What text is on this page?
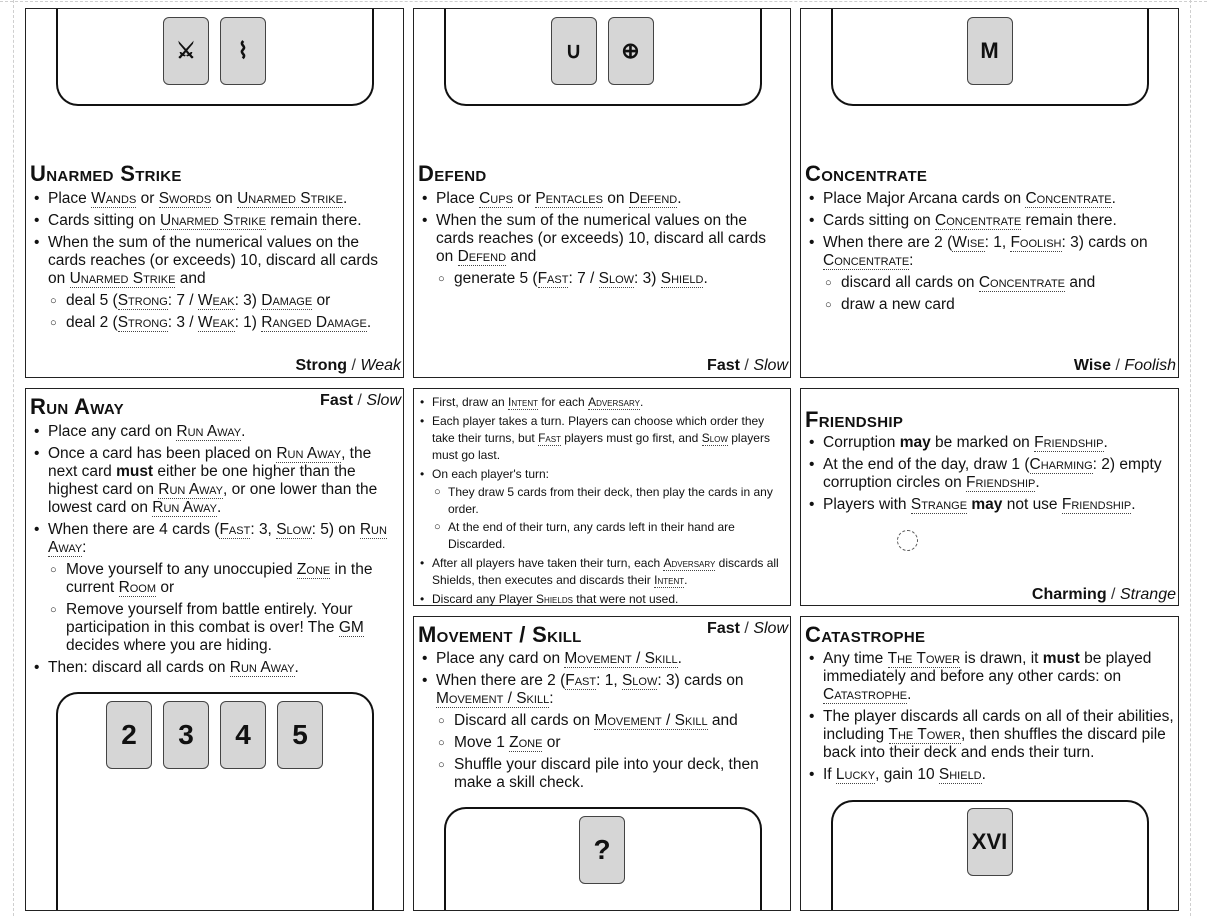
⚔	⌇
Unarmed Strike
• Place Wands or Swords on Unarmed Strike.
• Cards sitting on Unarmed Strike remain there.
• When the sum of the numerical values on the cards reaches (or exceeds) 10, discard all cards on Unarmed Strike and
○ deal 5 (Strong: 7 / Weak: 3) Damage or
○ deal 2 (Strong: 3 / Weak: 1) Ranged Damage.
Strong / Weak
∪	⊕
Defend
• Place Cups or Pentacles on Defend.
• When the sum of the numerical values on the cards reaches (or exceeds) 10, discard all cards on Defend and
○ generate 5 (Fast: 7 / Slow: 3) Shield.
Fast / Slow
M
Concentrate
• Place Major Arcana cards on Concentrate.
• Cards sitting on Concentrate remain there.
• When there are 2 (Wise: 1, Foolish: 3) cards on Concentrate:
○ discard all cards on Concentrate and
○ draw a new card
Wise / Foolish
Run Away	Fast / Slow
• Place any card on Run Away.
• Once a card has been placed on Run Away, the next card must either be one higher than the highest card on Run Away, or one lower than the lowest card on Run Away.
• When there are 4 cards (Fast: 3, Slow: 5) on Run Away:
○ Move yourself to any unoccupied Zone in the current Room or
○ Remove yourself from battle entirely. Your participation in this combat is over! The GM decides where you are hiding.
• Then: discard all cards on Run Away.
2	3	4	5
• First, draw an Intent for each Adversary.
• Each player takes a turn. Players can choose which order they take their turns, but Fast players must go first, and Slow players must go last.
• On each player's turn:
○ They draw 5 cards from their deck, then play the cards in any order.
○ At the end of their turn, any cards left in their hand are Discarded.
• After all players have taken their turn, each Adversary discards all Shields, then executes and discards their Intent.
• Discard any Player Shields that were not used.
Friendship
• Corruption may be marked on Friendship.
• At the end of the day, draw 1 (Charming: 2) empty corruption circles on Friendship.
• Players with Strange may not use Friendship.
Charming / Strange
Movement / Skill	Fast / Slow
• Place any card on Movement / Skill.
• When there are 2 (Fast: 1, Slow: 3) cards on Movement / Skill:
○ Discard all cards on Movement / Skill and
○ Move 1 Zone or
○ Shuffle your discard pile into your deck, then make a skill check.
?
Catastrophe
• Any time The Tower is drawn, it must be played immediately and before any other cards: on Catastrophe.
• The player discards all cards on all of their abilities, including The Tower, then shuffles the discard pile back into their deck and ends their turn.
• If Lucky, gain 10 Shield.
XVI
